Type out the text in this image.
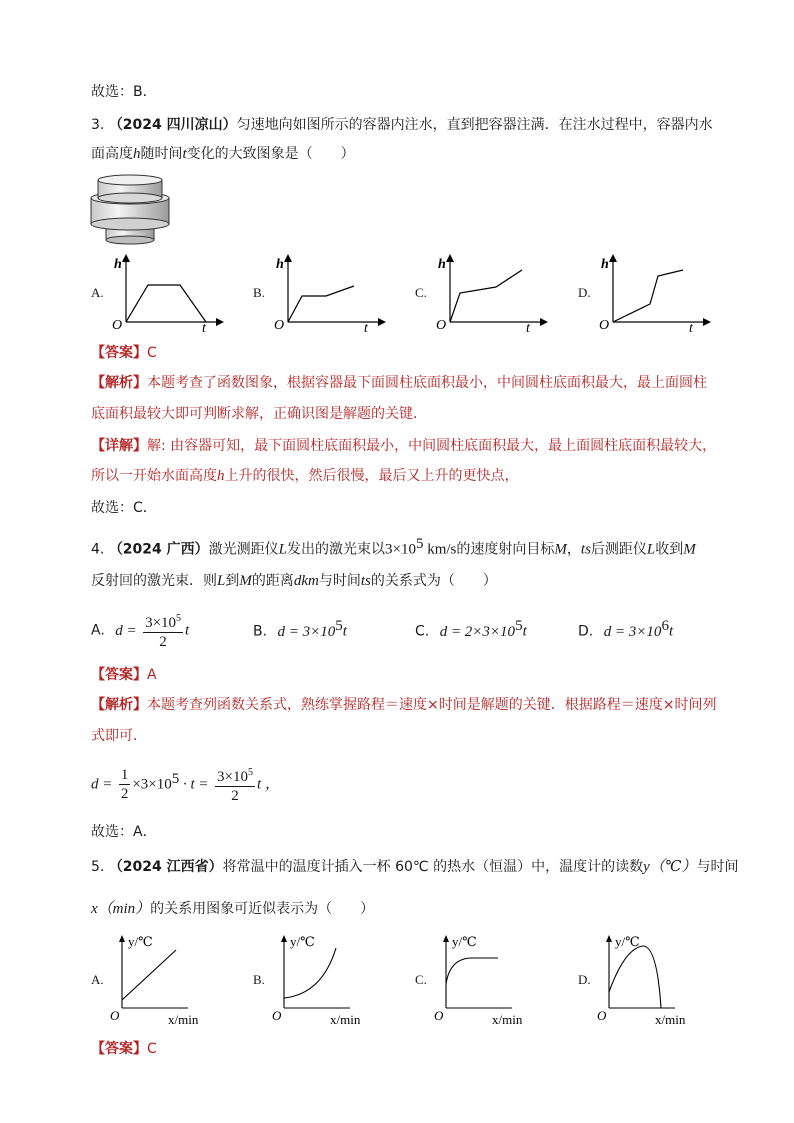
故选：B．
3. （2024 四川凉山）匀速地向如图所示的容器内注水，直到把容器注满．在注水过程中，容器内水
面高度h随时间t变化的大致图象是（　　）
A.	B.	C.	D.
h
O	t
h
O	t
h
O	t
h
O	t
【答案】C
【解析】本题考查了函数图象，根据容器最下面圆柱底面积最小，中间圆柱底面积最大，最上面圆柱
底面积最较大即可判断求解，正确识图是解题的关键．
【详解】解: 由容器可知，最下面圆柱底面积最小，中间圆柱底面积最大，最上面圆柱底面积最较大，
所以一开始水面高度h上升的很快，然后很慢，最后又上升的更快点，
故选：C．
4. （2024 广西）激光测距仪L发出的激光束以$3\times 10^5$ km/s的速度射向目标M，ts后测距仪L收到M
反射回的激光束．则L到M的距离dkm与时间ts的关系式为（　　）
A. $d = \frac{3\times 10^5}{2}$ t	B. $d = 3\times 10^5t$	C. $d = 2\times 3\times 10^5t$	D. $d = 3\times 10^6t$
【答案】A
【解析】本题考查列函数关系式，熟练掌握路程＝速度×时间是解题的关键．根据路程＝速度×时间列
式即可．
$d = \frac{1}{2} \times 3\times 10^5 \cdot t = \frac{3\times 10^5}{2}$ t ，
故选：A．
5. （2024 江西省）将常温中的温度计插入一杯 60℃ 的热水（恒温）中，温度计的读数y（℃）与时间
x（min）的关系用图象可近似表示为（　　）
A.	B.	C.	D.
y/℃
O	x/min
y/℃
O	x/min
y/℃
O	x/min
y/℃
O	x/min
【答案】C
